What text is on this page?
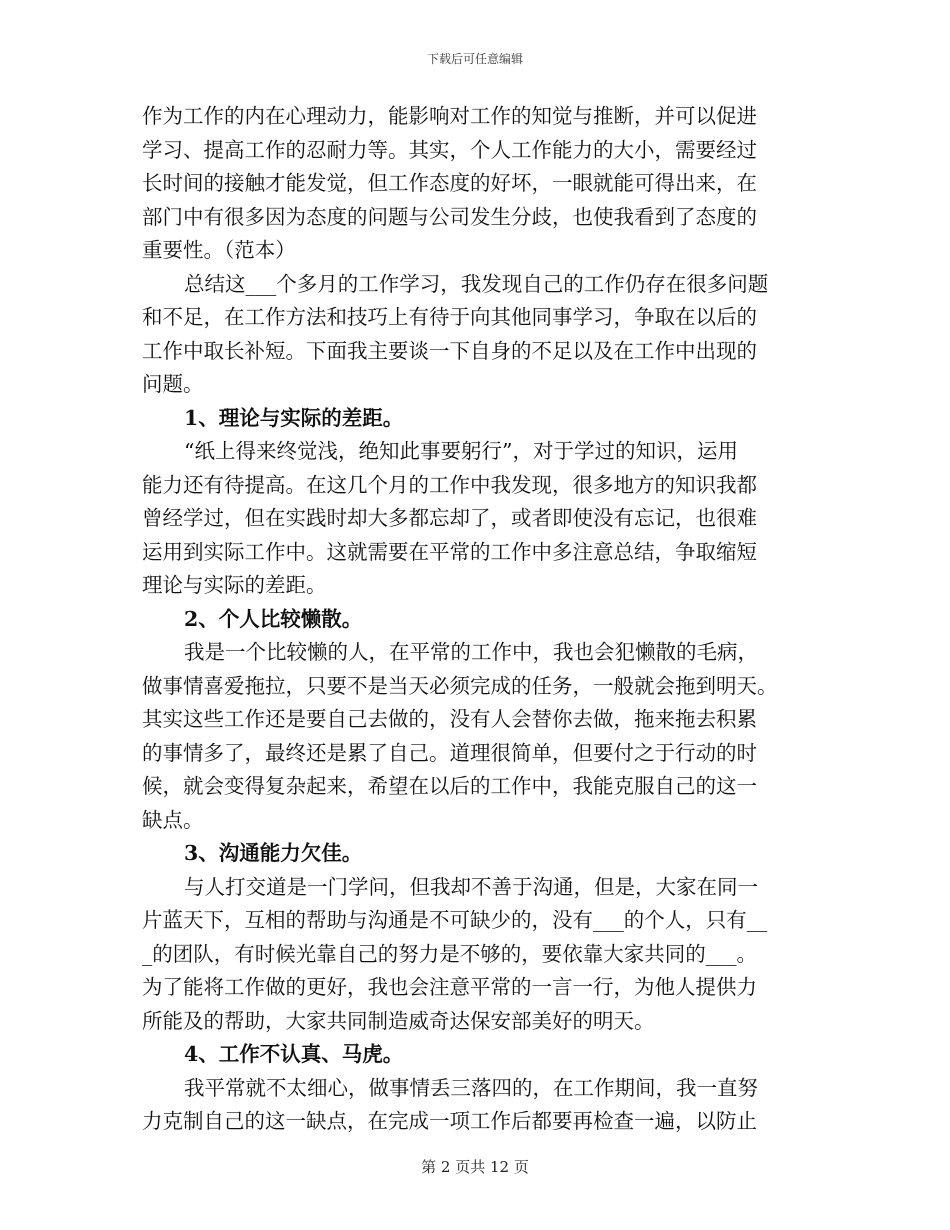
下载后可任意编辑
作为工作的内在心理动力，能影响对工作的知觉与推断，并可以促进
学习、提高工作的忍耐力等。其实，个人工作能力的大小，需要经过
长时间的接触才能发觉，但工作态度的好坏，一眼就能可得出来，在
部门中有很多因为态度的问题与公司发生分歧，也使我看到了态度的
重要性。（范本）
总结这___个多月的工作学习，我发现自己的工作仍存在很多问题
和不足，在工作方法和技巧上有待于向其他同事学习，争取在以后的
工作中取长补短。下面我主要谈一下自身的不足以及在工作中出现的
问题。
1、理论与实际的差距。
“纸上得来终觉浅，绝知此事要躬行”，对于学过的知识，运用
能力还有待提高。在这几个月的工作中我发现，很多地方的知识我都
曾经学过，但在实践时却大多都忘却了，或者即使没有忘记，也很难
运用到实际工作中。这就需要在平常的工作中多注意总结，争取缩短
理论与实际的差距。
2、个人比较懒散。
我是一个比较懒的人，在平常的工作中，我也会犯懒散的毛病，
做事情喜爱拖拉，只要不是当天必须完成的任务，一般就会拖到明天。
其实这些工作还是要自己去做的，没有人会替你去做，拖来拖去积累
的事情多了，最终还是累了自己。道理很简单，但要付之于行动的时
候，就会变得复杂起来，希望在以后的工作中，我能克服自己的这一
缺点。
3、沟通能力欠佳。
与人打交道是一门学问，但我却不善于沟通，但是，大家在同一
片蓝天下，互相的帮助与沟通是不可缺少的，没有___的个人，只有__
_的团队，有时候光靠自己的努力是不够的，要依靠大家共同的___。
为了能将工作做的更好，我也会注意平常的一言一行，为他人提供力
所能及的帮助，大家共同制造威奇达保安部美好的明天。
4、工作不认真、马虎。
我平常就不太细心，做事情丢三落四的，在工作期间，我一直努
力克制自己的这一缺点，在完成一项工作后都要再检查一遍，以防止
第 2 页共 12 页
